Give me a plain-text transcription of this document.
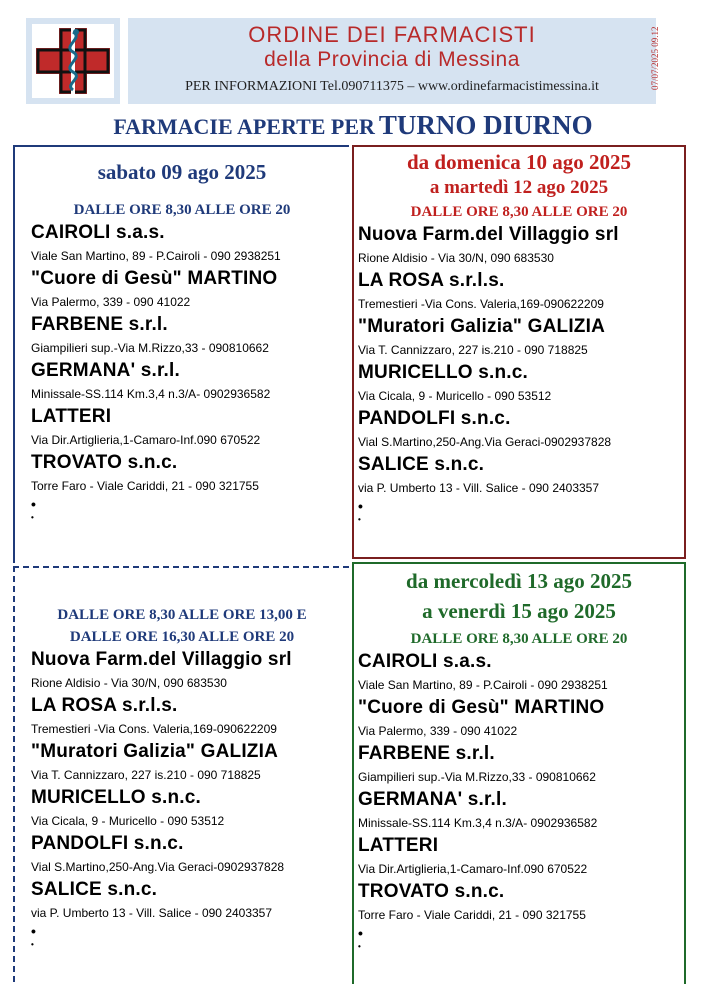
ORDINE DEI FARMACISTI
della Provincia di Messina
PER INFORMAZIONI Tel.090711375 – www.ordinefarmacistimessina.it	07/07/2025 09.12
FARMACIE APERTE PER TURNO DIURNO
sabato 09 ago 2025
DALLE ORE 8,30 ALLE ORE 20
CAIROLI s.a.s.
Viale San Martino, 89 - P.Cairoli - 090 2938251
"Cuore di Gesù" MARTINO
Via Palermo, 339 - 090 41022
FARBENE s.r.l.
Giampilieri sup.-Via M.Rizzo,33 - 090810662
GERMANA' s.r.l.
Minissale-SS.114 Km.3,4 n.3/A- 0902936582
LATTERI
Via Dir.Artiglieria,1-Camaro-Inf.090 670522
TROVATO s.n.c.
Torre Faro - Viale Cariddi, 21 - 090 321755
•
•
da domenica 10 ago 2025
a martedì 12 ago 2025
DALLE ORE 8,30 ALLE ORE 20
Nuova Farm.del Villaggio srl
Rione Aldisio - Via 30/N, 090 683530
LA ROSA s.r.l.s.
Tremestieri -Via Cons. Valeria,169-090622209
"Muratori Galizia" GALIZIA
Via T. Cannizzaro, 227 is.210 - 090 718825
MURICELLO s.n.c.
Via Cicala, 9 - Muricello - 090 53512
PANDOLFI s.n.c.
Vial S.Martino,250-Ang.Via Geraci-0902937828
SALICE s.n.c.
via P. Umberto 13 - Vill. Salice - 090 2403357
•
•
DALLE ORE 8,30 ALLE ORE 13,00 E
DALLE ORE 16,30 ALLE ORE 20
Nuova Farm.del Villaggio srl
Rione Aldisio - Via 30/N, 090 683530
LA ROSA s.r.l.s.
Tremestieri -Via Cons. Valeria,169-090622209
"Muratori Galizia" GALIZIA
Via T. Cannizzaro, 227 is.210 - 090 718825
MURICELLO s.n.c.
Via Cicala, 9 - Muricello - 090 53512
PANDOLFI s.n.c.
Vial S.Martino,250-Ang.Via Geraci-0902937828
SALICE s.n.c.
via P. Umberto 13 - Vill. Salice - 090 2403357
•
•
da mercoledì 13 ago 2025
a venerdì 15 ago 2025
DALLE ORE 8,30 ALLE ORE 20
CAIROLI s.a.s.
Viale San Martino, 89 - P.Cairoli - 090 2938251
"Cuore di Gesù" MARTINO
Via Palermo, 339 - 090 41022
FARBENE s.r.l.
Giampilieri sup.-Via M.Rizzo,33 - 090810662
GERMANA' s.r.l.
Minissale-SS.114 Km.3,4 n.3/A- 0902936582
LATTERI
Via Dir.Artiglieria,1-Camaro-Inf.090 670522
TROVATO s.n.c.
Torre Faro - Viale Cariddi, 21 - 090 321755
•
•
